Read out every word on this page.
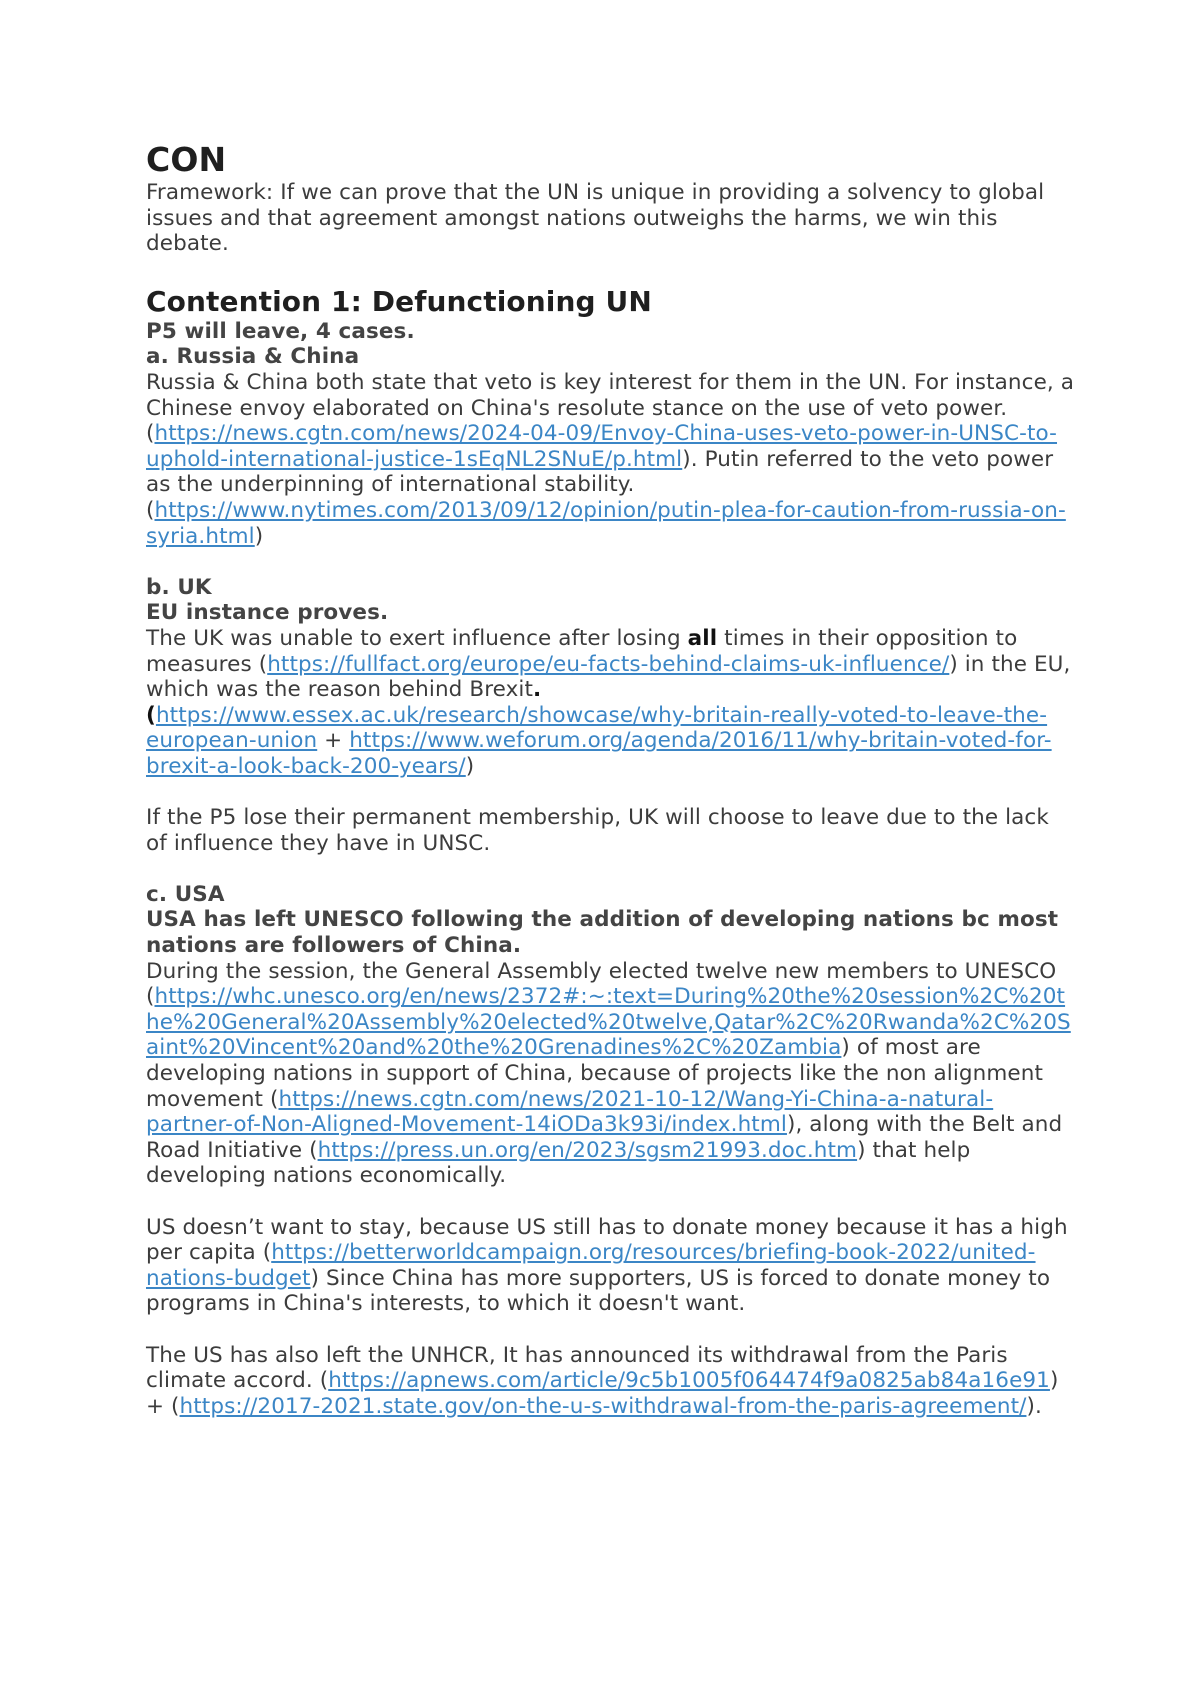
CON

Framework: If we can prove that the UN is unique in providing a solvency to global issues and that agreement amongst nations outweighs the harms, we win this debate.

Contention 1: Defunctioning UN

P5 will leave, 4 cases.

a. Russia & China

Russia & China both state that veto is key interest for them in the UN. For instance, a Chinese envoy elaborated on China's resolute stance on the use of veto power. (https://news.cgtn.com/news/2024-04-09/Envoy-China-uses-veto-power-in-UNSC-to-uphold-international-justice-1sEqNL2SNuE/p.html). Putin referred to the veto power as the underpinning of international stability. (https://www.nytimes.com/2013/09/12/opinion/putin-plea-for-caution-from-russia-on-syria.html)

b. UK

EU instance proves.

The UK was unable to exert influence after losing all times in their opposition to measures (https://fullfact.org/europe/eu-facts-behind-claims-uk-influence/) in the EU, which was the reason behind Brexit. (https://www.essex.ac.uk/research/showcase/why-britain-really-voted-to-leave-the-european-union + https://www.weforum.org/agenda/2016/11/why-britain-voted-for-brexit-a-look-back-200-years/)

If the P5 lose their permanent membership, UK will choose to leave due to the lack of influence they have in UNSC.

c. USA

USA has left UNESCO following the addition of developing nations bc most nations are followers of China.

During the session, the General Assembly elected twelve new members to UNESCO (https://whc.unesco.org/en/news/2372#:~:text=During%20the%20session%2C%20the%20General%20Assembly%20elected%20twelve,Qatar%2C%20Rwanda%2C%20Saint%20Vincent%20and%20the%20Grenadines%2C%20Zambia) of most are developing nations in support of China, because of projects like the non alignment movement (https://news.cgtn.com/news/2021-10-12/Wang-Yi-China-a-natural-partner-of-Non-Aligned-Movement-14iODa3k93i/index.html), along with the Belt and Road Initiative (https://press.un.org/en/2023/sgsm21993.doc.htm) that help developing nations economically.

US doesn’t want to stay, because US still has to donate money because it has a high per capita (https://betterworldcampaign.org/resources/briefing-book-2022/united-nations-budget) Since China has more supporters, US is forced to donate money to programs in China's interests, to which it doesn't want.

The US has also left the UNHCR, It has announced its withdrawal from the Paris climate accord. (https://apnews.com/article/9c5b1005f064474f9a0825ab84a16e91) + (https://2017-2021.state.gov/on-the-u-s-withdrawal-from-the-paris-agreement/).
